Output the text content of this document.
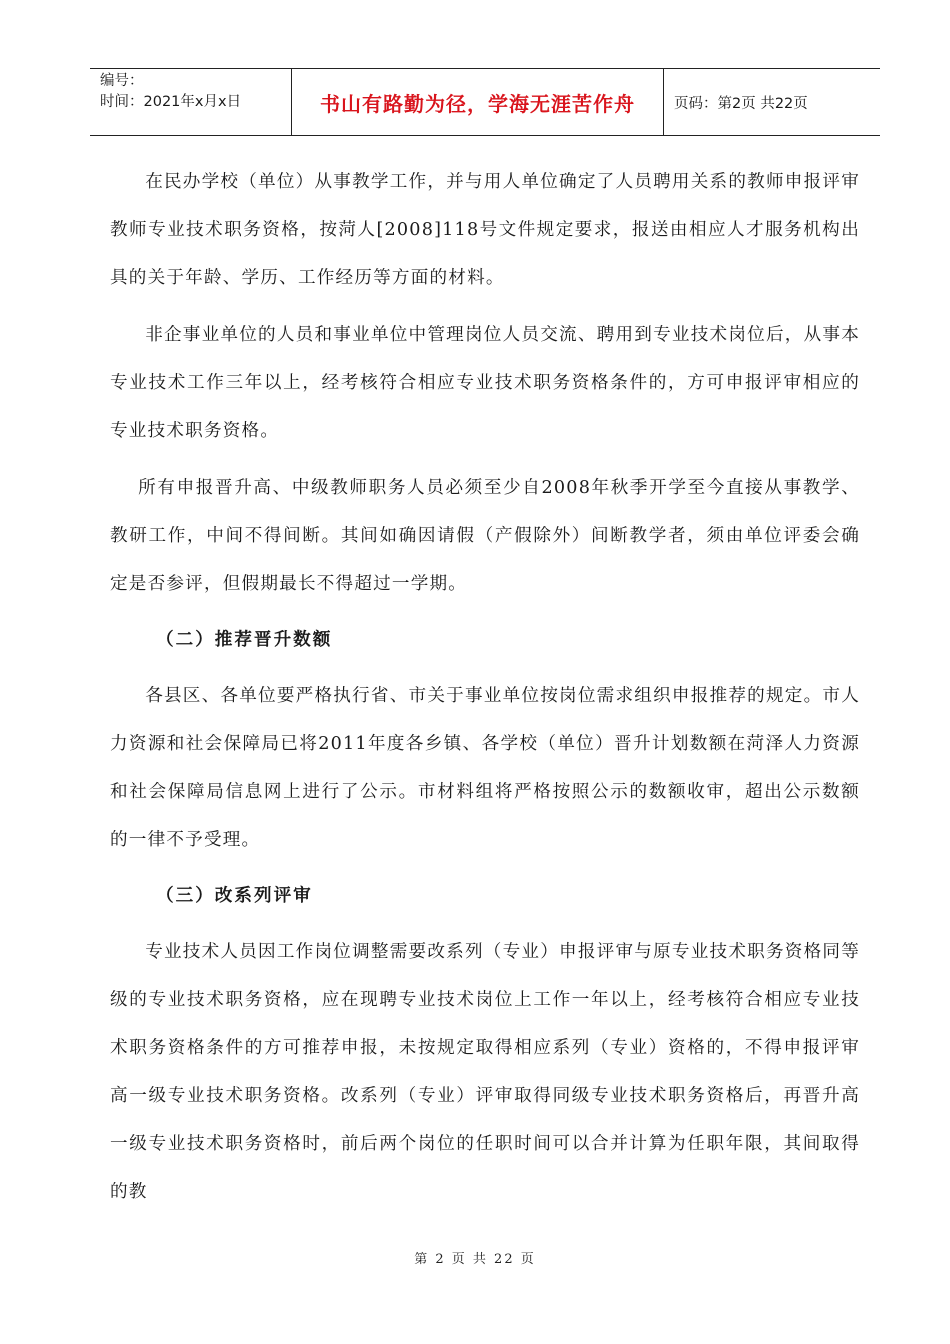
编号：
时间：2021年x月x日	书山有路勤为径，学海无涯苦作舟	页码：第2页 共22页

在民办学校（单位）从事教学工作，并与用人单位确定了人员聘用关系的教师申报评审教师专业技术职务资格，按菏人[2008]118号文件规定要求，报送由相应人才服务机构出具的关于年龄、学历、工作经历等方面的材料。

非企事业单位的人员和事业单位中管理岗位人员交流、聘用到专业技术岗位后，从事本专业技术工作三年以上，经考核符合相应专业技术职务资格条件的，方可申报评审相应的专业技术职务资格。

所有申报晋升高、中级教师职务人员必须至少自2008年秋季开学至今直接从事教学、教研工作，中间不得间断。其间如确因请假（产假除外）间断教学者，须由单位评委会确定是否参评，但假期最长不得超过一学期。

（二）推荐晋升数额

各县区、各单位要严格执行省、市关于事业单位按岗位需求组织申报推荐的规定。市人力资源和社会保障局已将2011年度各乡镇、各学校（单位）晋升计划数额在菏泽人力资源和社会保障局信息网上进行了公示。市材料组将严格按照公示的数额收审，超出公示数额的一律不予受理。

（三）改系列评审

专业技术人员因工作岗位调整需要改系列（专业）申报评审与原专业技术职务资格同等级的专业技术职务资格，应在现聘专业技术岗位上工作一年以上，经考核符合相应专业技术职务资格条件的方可推荐申报，未按规定取得相应系列（专业）资格的，不得申报评审高一级专业技术职务资格。改系列（专业）评审取得同级专业技术职务资格后，再晋升高一级专业技术职务资格时，前后两个岗位的任职时间可以合并计算为任职年限，其间取得的教

第 2 页 共 22 页
